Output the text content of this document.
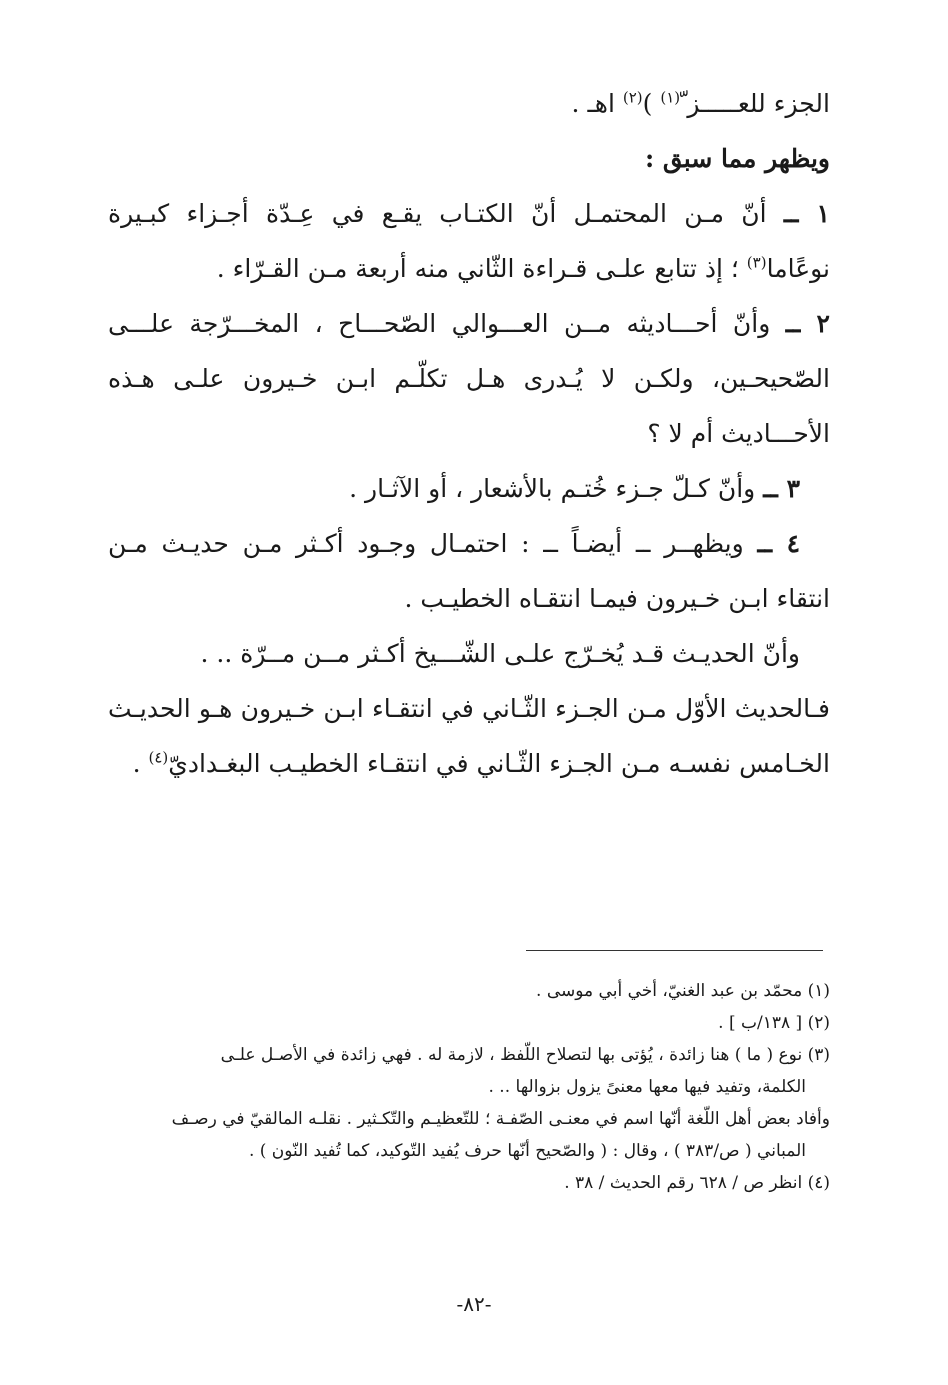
الجزء للعـــــز ّ$^{(١)}$ )$^{(٢)}$ اهـ .
ويظهر مما سبق :
١ ــ أنّ مـن المحتمـل أنّ الكتـاب يقـع في عِـدّة أجـزاء كبـيرة
نوعًاما$^{(٣)}$ ؛ إذ تتابع علـى قـراءة الثّاني منه أربعة مـن القـرّاء .
٢ ــ وأنّ أحـــاديثه مــن العـــوالي الصّحـــاح ، المخـــرّجة علـــى
الصّحيحـين، ولكـن لا يُـدرى هـل تكلّـم ابـن خـيرون علـى هـذه
الأحـــاديث أم لا ؟
٣ ــ وأنّ كـلّ جـزء خُتـم بالأشعار ، أو الآثـار .
٤ ــ ويظهــر ــ أيضـاً ــ : احتمـال وجـود أكـثر مـن حديـث مـن
انتقاء ابـن خـيرون فيمـا انتقـاه الخطيـب .
وأنّ الحديـث قـد يُخـرّج علـى الشّـــيخ أكـثر مــن مــرّة .. .
فـالحديث الأوّل مـن الجـزء الثّـاني في انتقـاء ابـن خـيرون هـو الحديـث
الخـامس نفسـه مـن الجـزء الثّـاني في انتقـاء الخطيـب البغـداديّ$^{(٤)}$ .
(١) محمّد بن عبد الغنيّ، أخي أبي موسى .
(٢) [ ١٣٨/ب ] .
(٣) نوع ( ما ) هنا زائدة ، يُؤتى بها لتصلاح اللّفظ ، لازمة له . فهي زائدة في الأصـل علـى
الكلمة، وتفيد فيها معها معنىً يزول بزوالها .. .
وأفاد بعض أهل اللّغة أنّها اسم في معنـى الصّفـة ؛ للتّعظيـم والتّكـثير . نقلـه المالقيّ في رصـف
المباني ( ص/٣٨٣ ) ، وقال : ( والصّحيح أنّها حرف يُفيد التّوكيد، كما تُفيد النّون ) .
(٤) انظر ص / ٦٢٨ رقم الحديث / ٣٨ .
-٨٢-
